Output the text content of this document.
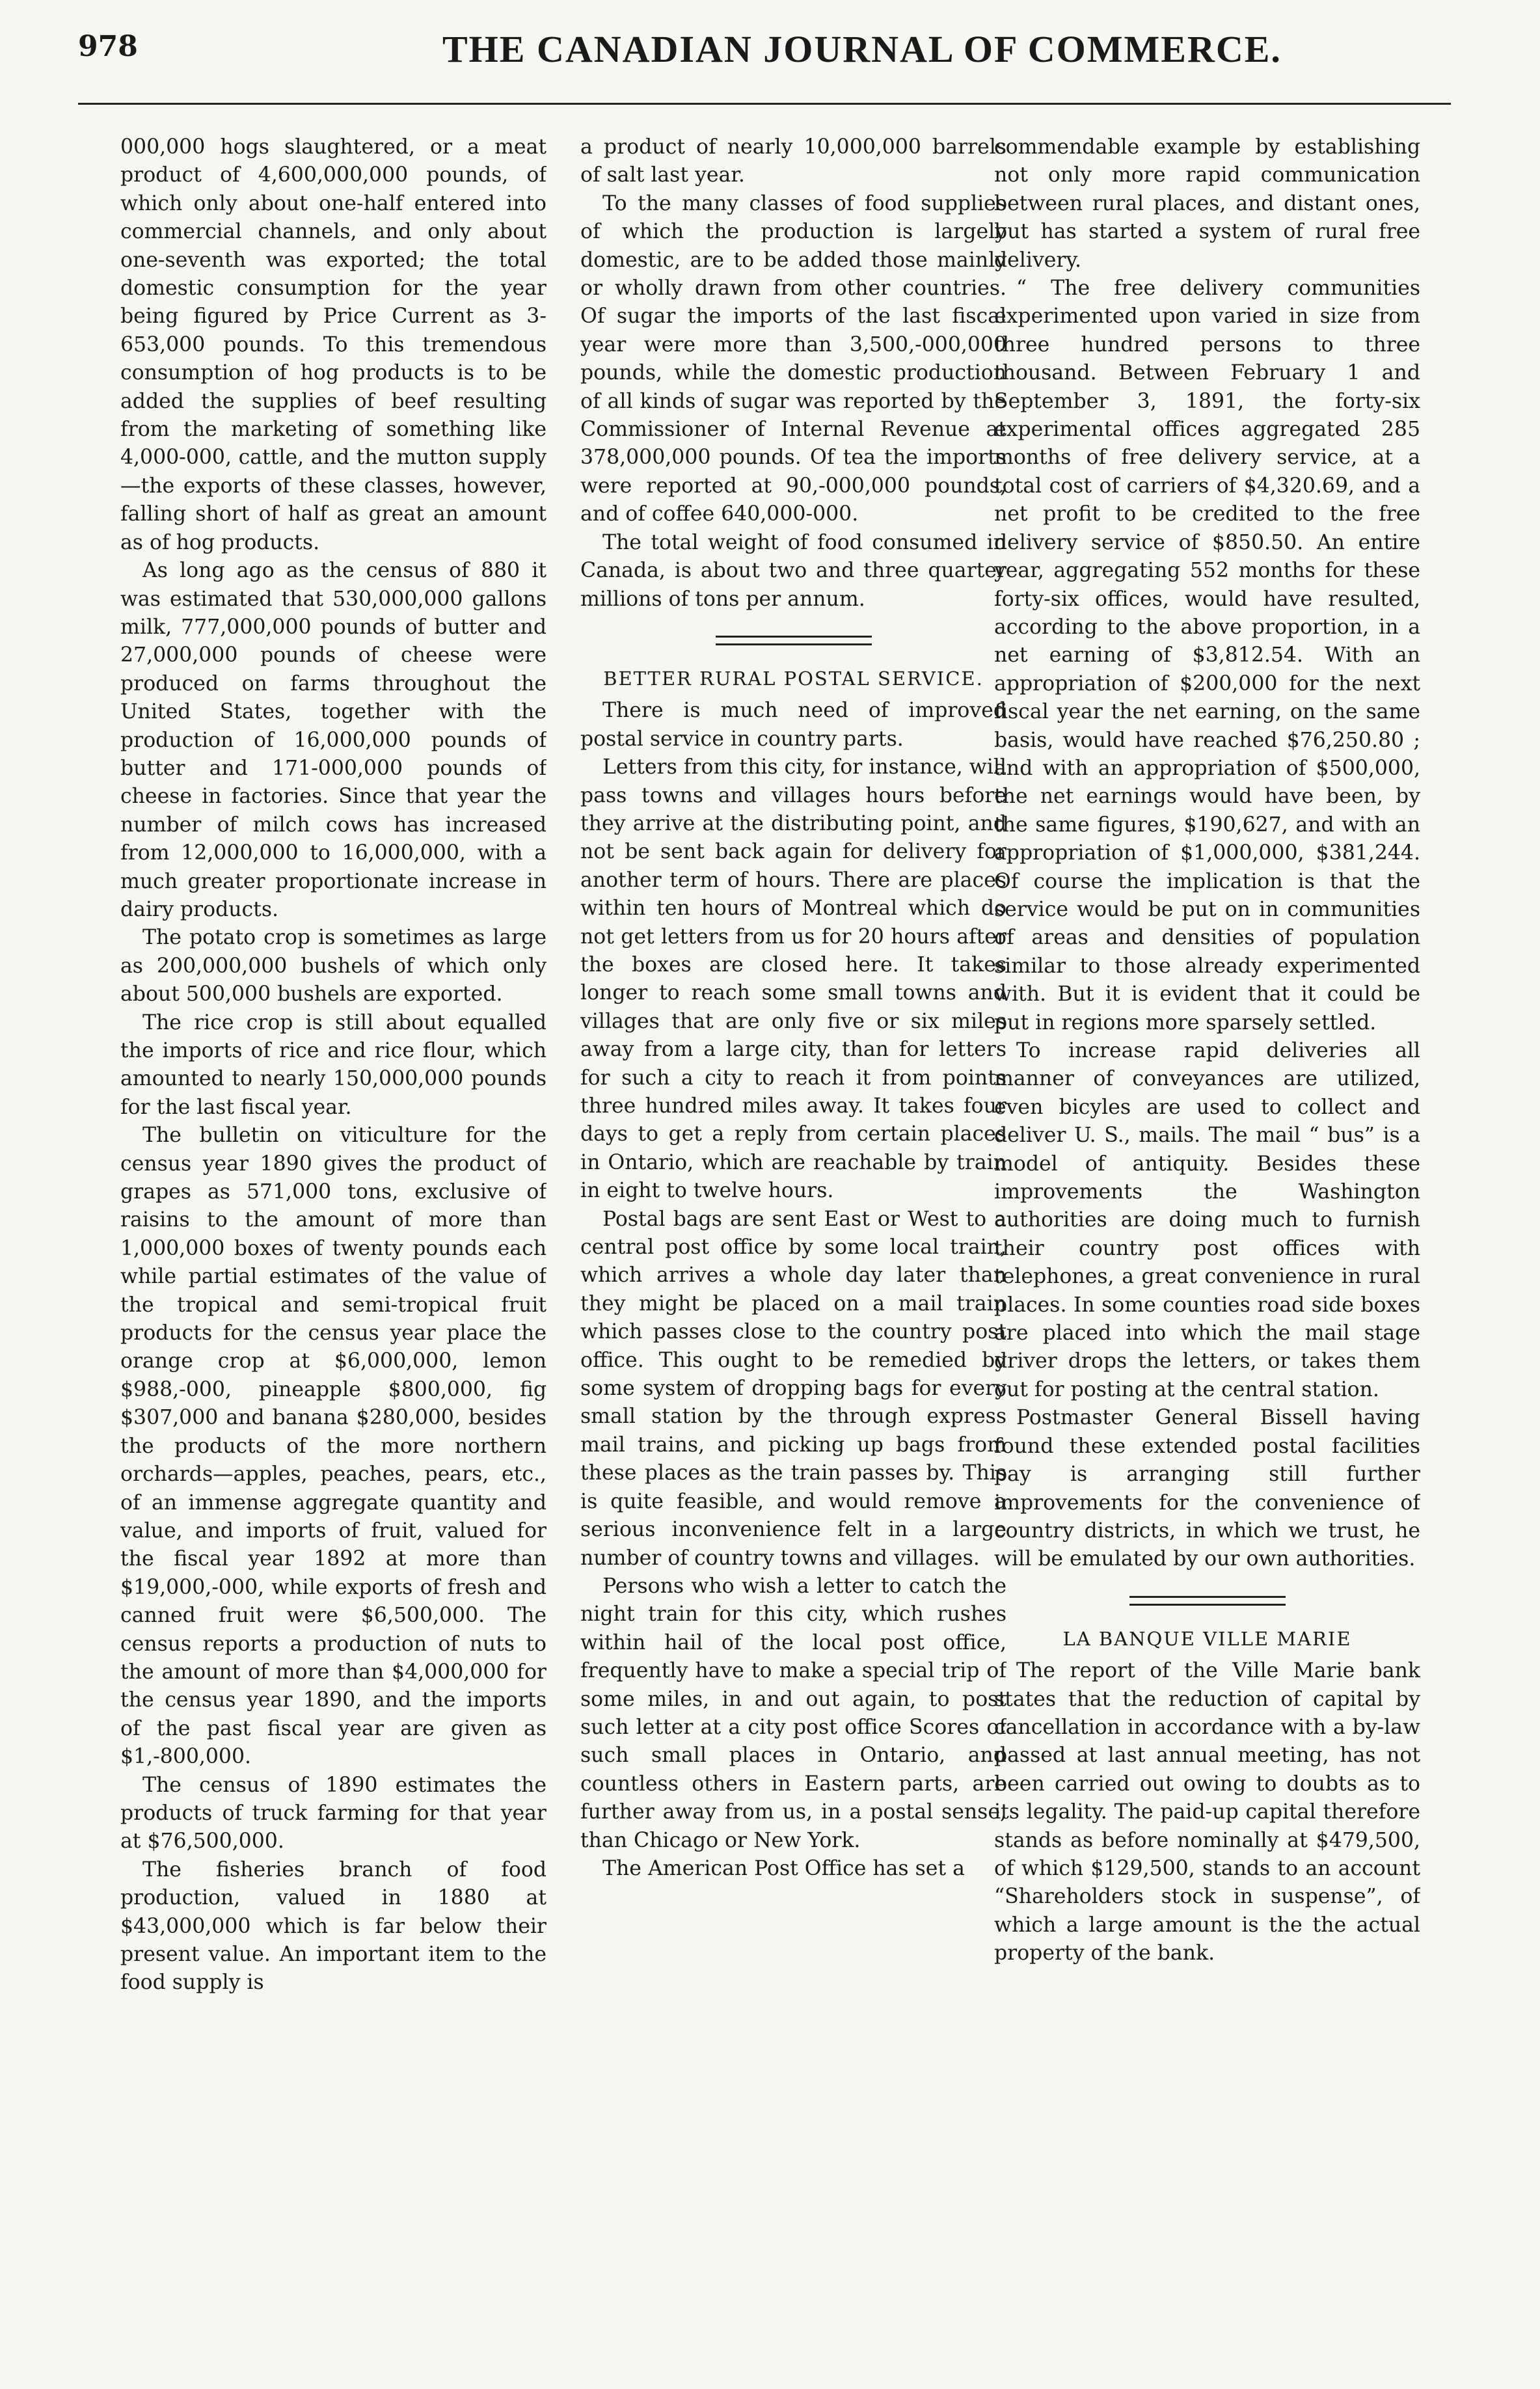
978	THE CANADIAN JOURNAL OF COMMERCE.

000,000 hogs slaughtered, or a meat product of 4,600,000,000 pounds, of which only about one-half entered into commercial channels, and only about one-seventh was exported; the total domestic consumption for the year being figured by Price Current as 3-653,000 pounds. To this tremendous consumption of hog products is to be added the supplies of beef resulting from the marketing of something like 4,000-000, cattle, and the mutton supply—the exports of these classes, however, falling short of half as great an amount as of hog products.

As long ago as the census of 880 it was estimated that 530,000,000 gallons milk, 777,000,000 pounds of butter and 27,000,000 pounds of cheese were produced on farms throughout the United States, together with the production of 16,000,000 pounds of butter and 171-000,000 pounds of cheese in factories. Since that year the number of milch cows has increased from 12,000,000 to 16,000,000, with a much greater proportionate increase in dairy products.

The potato crop is sometimes as large as 200,000,000 bushels of which only about 500,000 bushels are exported.

The rice crop is still about equalled the imports of rice and rice flour, which amounted to nearly 150,000,000 pounds for the last fiscal year.

The bulletin on viticulture for the census year 1890 gives the product of grapes as 571,000 tons, exclusive of raisins to the amount of more than 1,000,000 boxes of twenty pounds each while partial estimates of the value of the tropical and semi-tropical fruit products for the census year place the orange crop at $6,000,000, lemon $988,-000, pineapple $800,000, fig $307,000 and banana $280,000, besides the products of the more northern orchards—apples, peaches, pears, etc., of an immense aggregate quantity and value, and imports of fruit, valued for the fiscal year 1892 at more than $19,000,-000, while exports of fresh and canned fruit were $6,500,000. The census reports a production of nuts to the amount of more than $4,000,000 for the census year 1890, and the imports of the past fiscal year are given as $1,-800,000.

The census of 1890 estimates the products of truck farming for that year at $76,500,000.

The fisheries branch of food production, valued in 1880 at $43,000,000 which is far below their present value. An important item to the food supply is

a product of nearly 10,000,000 barrels of salt last year.

To the many classes of food supplies of which the production is largely domestic, are to be added those mainly or wholly drawn from other countries. Of sugar the imports of the last fiscal year were more than 3,500,-000,000 pounds, while the domestic production of all kinds of sugar was reported by the Commissioner of Internal Revenue at 378,000,000 pounds. Of tea the imports were reported at 90,-000,000 pounds, and of coffee 640,000-000.

The total weight of food consumed in Canada, is about two and three quarter millions of tons per annum.

BETTER RURAL POSTAL SERVICE.

There is much need of improved postal service in country parts.

Letters from this city, for instance, will pass towns and villages hours before they arrive at the distributing point, and not be sent back again for delivery for another term of hours. There are places within ten hours of Montreal which do not get letters from us for 20 hours after the boxes are closed here. It takes longer to reach some small towns and villages that are only five or six miles away from a large city, than for letters for such a city to reach it from points three hundred miles away. It takes four days to get a reply from certain places in Ontario, which are reachable by train in eight to twelve hours.

Postal bags are sent East or West to a central post office by some local train, which arrives a whole day later than they might be placed on a mail train which passes close to the country post office. This ought to be remedied by some system of dropping bags for every small station by the through express mail trains, and picking up bags from these places as the train passes by. This is quite feasible, and would remove a serious inconvenience felt in a large number of country towns and villages.

Persons who wish a letter to catch the night train for this city, which rushes within hail of the local post office, frequently have to make a special trip of some miles, in and out again, to post such letter at a city post office Scores of such small places in Ontario, and countless others in Eastern parts, are further away from us, in a postal sense, than Chicago or New York.

The American Post Office has set a

commendable example by establishing not only more rapid communication between rural places, and distant ones, but has started a system of rural free delivery.

“ The free delivery communities experimented upon varied in size from three hundred persons to three thousand. Between February 1 and September 3, 1891, the forty-six experimental offices aggregated 285 months of free delivery service, at a total cost of carriers of $4,320.69, and a net profit to be credited to the free delivery service of $850.50. An entire year, aggregating 552 months for these forty-six offices, would have resulted, according to the above proportion, in a net earning of $3,812.54. With an appropriation of $200,000 for the next fiscal year the net earning, on the same basis, would have reached $76,250.80 ; and with an appropriation of $500,000, the net earnings would have been, by the same figures, $190,627, and with an appropriation of $1,000,000, $381,244. Of course the implication is that the service would be put on in communities of areas and densities of population similar to those already experimented with. But it is evident that it could be put in regions more sparsely settled.

To increase rapid deliveries all manner of conveyances are utilized, even bicyles are used to collect and deliver U. S., mails. The mail “ bus” is a model of antiquity. Besides these improvements the Washington authorities are doing much to furnish their country post offices with telephones, a great convenience in rural places. In some counties road side boxes are placed into which the mail stage driver drops the letters, or takes them out for posting at the central station.

Postmaster General Bissell having found these extended postal facilities pay is arranging still further improvements for the convenience of country districts, in which we trust, he will be emulated by our own authorities.

LA BANQUE VILLE MARIE

The report of the Ville Marie bank states that the reduction of capital by cancellation in accordance with a by-law passed at last annual meeting, has not been carried out owing to doubts as to its legality. The paid-up capital therefore stands as before nominally at $479,500, of which $129,500, stands to an account “Shareholders stock in suspense”, of which a large amount is the the actual property of the bank.
